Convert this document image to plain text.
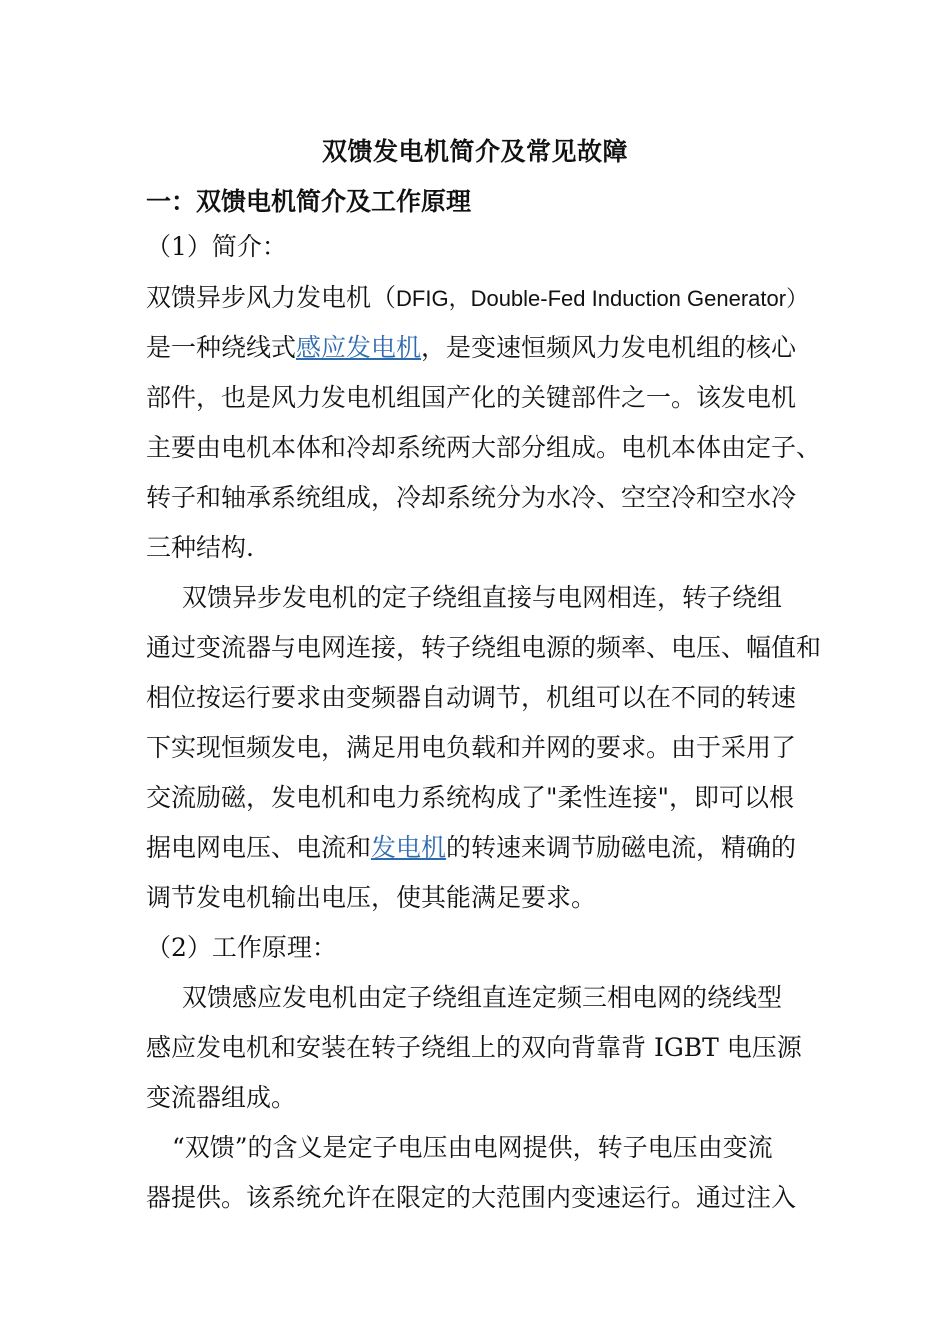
双馈发电机简介及常见故障
一：双馈电机简介及工作原理
（1）简介：
双馈异步风力发电机（DFIG，Double-Fed Induction Generator）
是一种绕线式感应发电机，是变速恒频风力发电机组的核心
部件，也是风力发电机组国产化的关键部件之一。该发电机
主要由电机本体和冷却系统两大部分组成。电机本体由定子、
转子和轴承系统组成，冷却系统分为水冷、空空冷和空水冷
三种结构.
双馈异步发电机的定子绕组直接与电网相连，转子绕组
通过变流器与电网连接，转子绕组电源的频率、电压、幅值和
相位按运行要求由变频器自动调节，机组可以在不同的转速
下实现恒频发电，满足用电负载和并网的要求。由于采用了
交流励磁，发电机和电力系统构成了"柔性连接"，即可以根
据电网电压、电流和发电机的转速来调节励磁电流，精确的
调节发电机输出电压，使其能满足要求。
（2）工作原理：
双馈感应发电机由定子绕组直连定频三相电网的绕线型
感应发电机和安装在转子绕组上的双向背靠背 IGBT 电压源
变流器组成。
“双馈”的含义是定子电压由电网提供，转子电压由变流
器提供。该系统允许在限定的大范围内变速运行。通过注入
